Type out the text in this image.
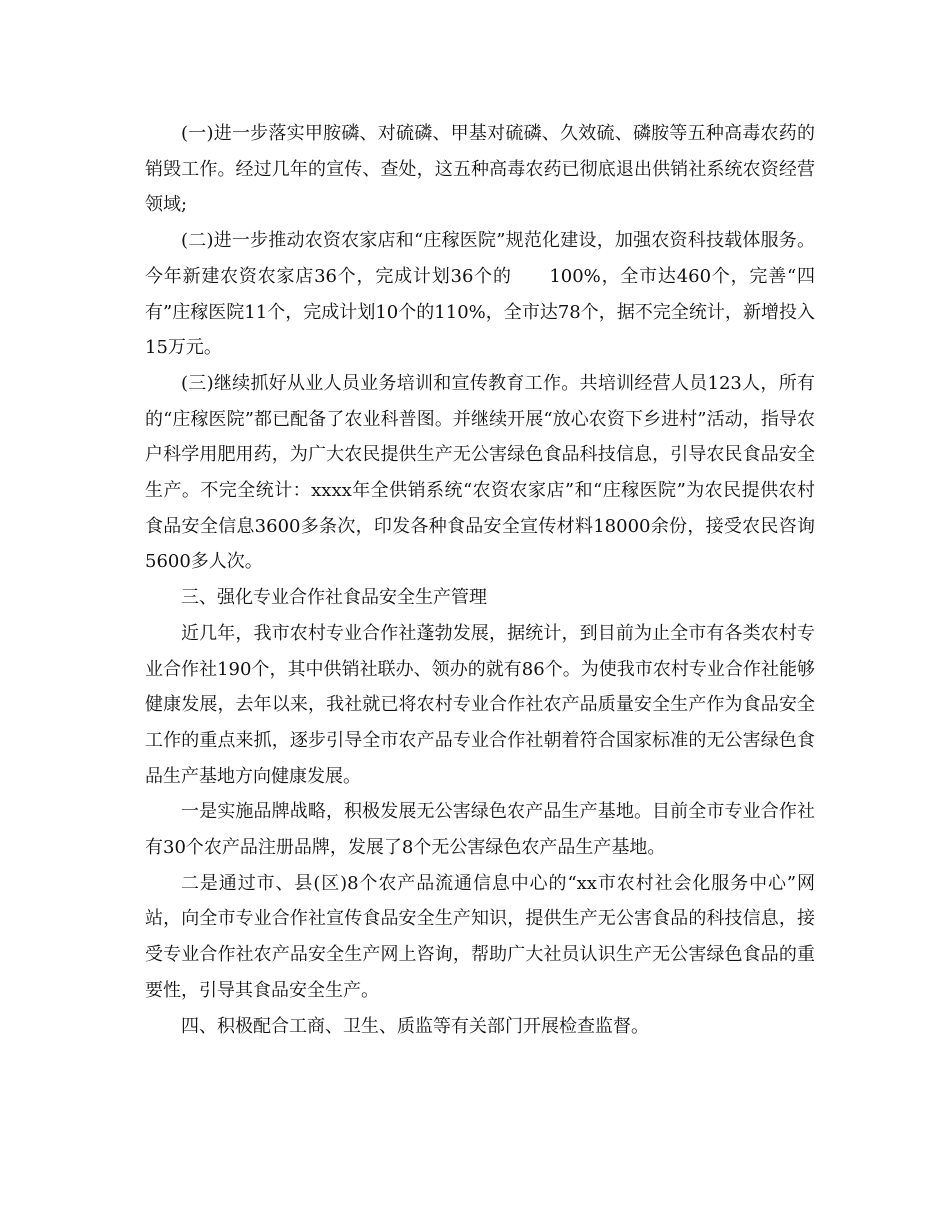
(一)进一步落实甲胺磷、对硫磷、甲基对硫磷、久效硫、磷胺等五种高毒农药的销毁工作。经过几年的宣传、查处，这五种高毒农药已彻底退出供销社系统农资经营领域;

(二)进一步推动农资农家店和“庄稼医院”规范化建设，加强农资科技载体服务。今年新建农资农家店36个，完成计划36个的　　100%，全市达460个，完善“四有”庄稼医院11个，完成计划10个的110%，全市达78个，据不完全统计，新增投入15万元。

(三)继续抓好从业人员业务培训和宣传教育工作。共培训经营人员123人，所有的“庄稼医院”都已配备了农业科普图。并继续开展“放心农资下乡进村”活动，指导农户科学用肥用药，为广大农民提供生产无公害绿色食品科技信息，引导农民食品安全生产。不完全统计：xxxx年全供销系统“农资农家店”和“庄稼医院”为农民提供农村食品安全信息3600多条次，印发各种食品安全宣传材料18000余份，接受农民咨询5600多人次。

三、强化专业合作社食品安全生产管理

近几年，我市农村专业合作社蓬勃发展，据统计，到目前为止全市有各类农村专业合作社190个，其中供销社联办、领办的就有86个。为使我市农村专业合作社能够健康发展，去年以来，我社就已将农村专业合作社农产品质量安全生产作为食品安全工作的重点来抓，逐步引导全市农产品专业合作社朝着符合国家标准的无公害绿色食品生产基地方向健康发展。

一是实施品牌战略，积极发展无公害绿色农产品生产基地。目前全市专业合作社有30个农产品注册品牌，发展了8个无公害绿色农产品生产基地。

二是通过市、县(区)8个农产品流通信息中心的“xx市农村社会化服务中心”网站，向全市专业合作社宣传食品安全生产知识，提供生产无公害食品的科技信息，接受专业合作社农产品安全生产网上咨询，帮助广大社员认识生产无公害绿色食品的重要性，引导其食品安全生产。

四、积极配合工商、卫生、质监等有关部门开展检查监督。
